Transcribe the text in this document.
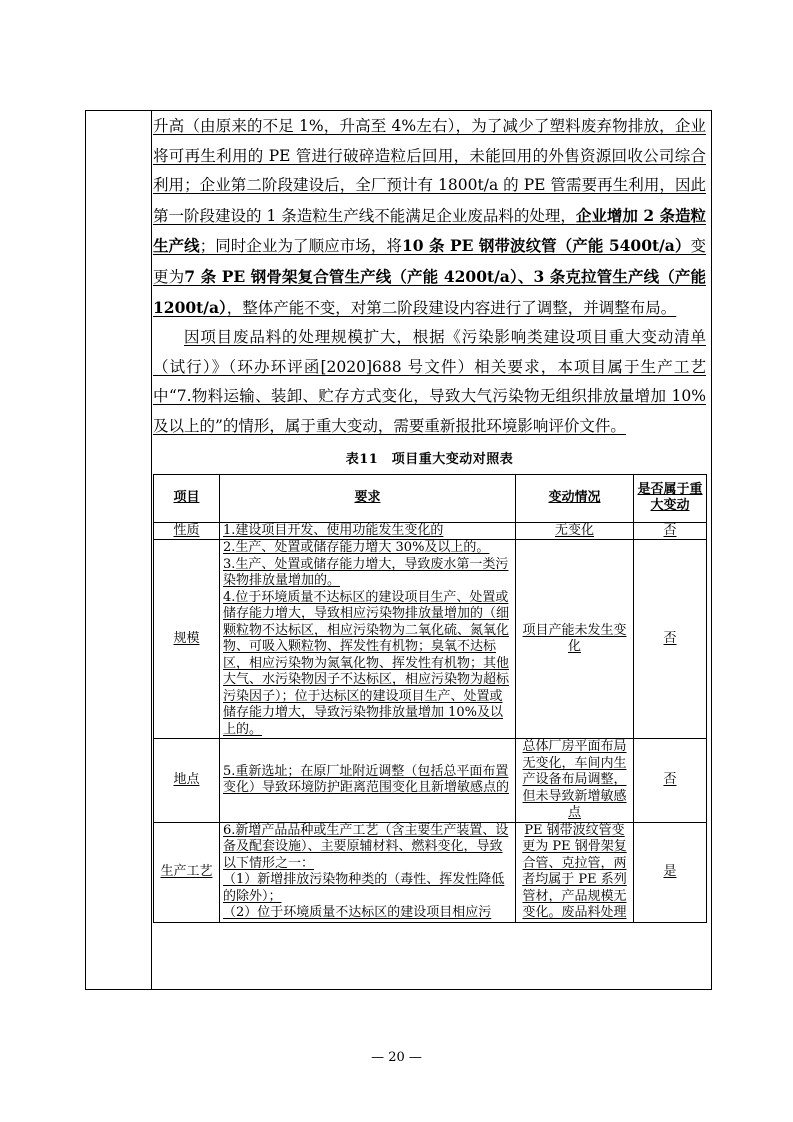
升高（由原来的不足 1%，升高至 4%左右），为了减少了塑料废弃物排放，企业将可再生利用的 PE 管进行破碎造粒后回用，未能回用的外售资源回收公司综合利用；企业第二阶段建设后，全厂预计有 1800t/a 的 PE 管需要再生利用，因此第一阶段建设的 1 条造粒生产线不能满足企业废品料的处理，企业增加 2 条造粒生产线；同时企业为了顺应市场，将10 条 PE 钢带波纹管（产能 5400t/a）变更为7 条 PE 钢骨架复合管生产线（产能 4200t/a）、3 条克拉管生产线（产能 1200t/a），整体产能不变，对第二阶段建设内容进行了调整，并调整布局。

因项目废品料的处理规模扩大，根据《污染影响类建设项目重大变动清单（试行）》（环办环评函[2020]688 号文件）相关要求，本项目属于生产工艺中“7.物料运输、装卸、贮存方式变化，导致大气污染物无组织排放量增加 10%及以上的”的情形，属于重大变动，需要重新报批环境影响评价文件。

表11　项目重大变动对照表
项目	要求	变动情况	是否属于重大变动
性质	1.建设项目开发、使用功能发生变化的	无变化	否
规模	2.生产、处置或储存能力增大 30%及以上的。
3.生产、处置或储存能力增大，导致废水第一类污染物排放量增加的。
4.位于环境质量不达标区的建设项目生产、处置或储存能力增大，导致相应污染物排放量增加的（细颗粒物不达标区，相应污染物为二氧化硫、氮氧化物、可吸入颗粒物、挥发性有机物；臭氧不达标区，相应污染物为氮氧化物、挥发性有机物；其他大气、水污染物因子不达标区，相应污染物为超标污染因子）；位于达标区的建设项目生产、处置或储存能力增大，导致污染物排放量增加 10%及以上的。	项目产能未发生变化	否
地点	5.重新选址；在原厂址附近调整（包括总平面布置变化）导致环境防护距离范围变化且新增敏感点的	总体厂房平面布局无变化，车间内生产设备布局调整，但未导致新增敏感点	否
生产工艺	6.新增产品品种或生产工艺（含主要生产装置、设备及配套设施）、主要原辅材料、燃料变化，导致以下情形之一：
（1）新增排放污染物种类的（毒性、挥发性降低的除外）；
（2）位于环境质量不达标区的建设项目相应污	PE 钢带波纹管变更为 PE 钢骨架复合管、克拉管，两者均属于 PE 系列管材，产品规模无变化。废品料处理	是
— 20 —
